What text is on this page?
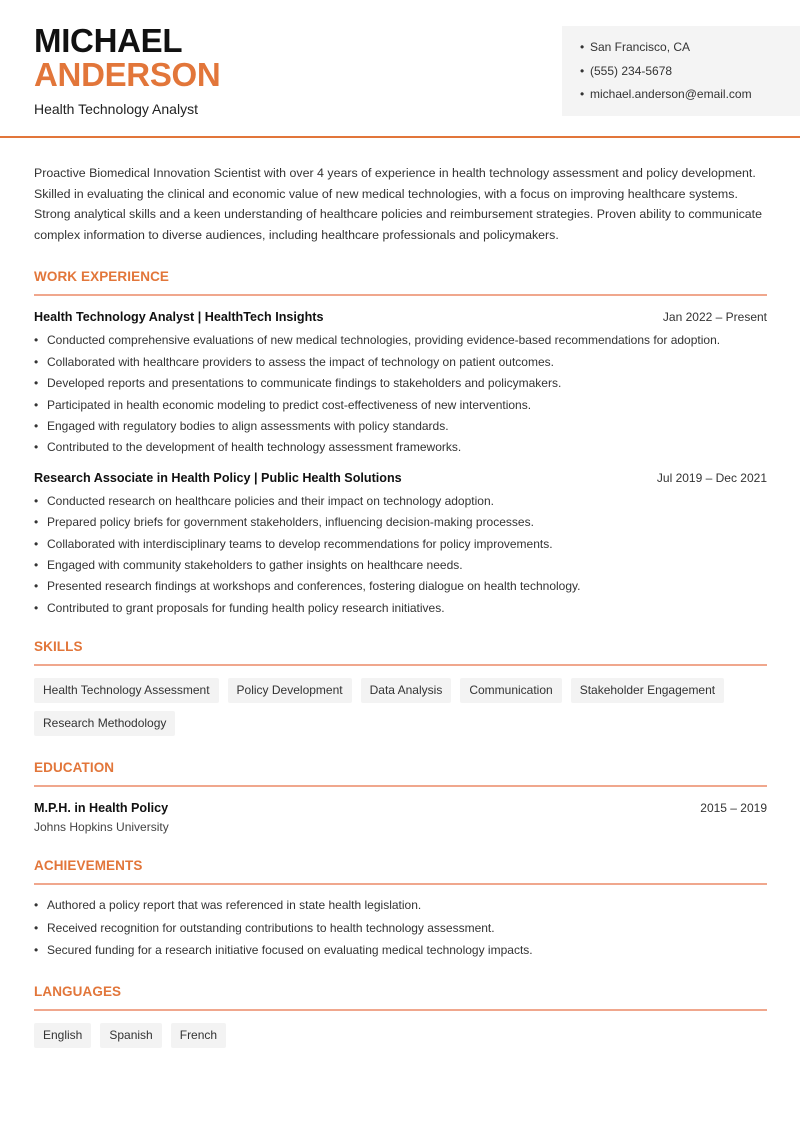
MICHAEL
ANDERSON
Health Technology Analyst
• San Francisco, CA
• (555) 234-5678
• michael.anderson@email.com

Proactive Biomedical Innovation Scientist with over 4 years of experience in health technology assessment and policy development. Skilled in evaluating the clinical and economic value of new medical technologies, with a focus on improving healthcare systems. Strong analytical skills and a keen understanding of healthcare policies and reimbursement strategies. Proven ability to communicate complex information to diverse audiences, including healthcare professionals and policymakers.

WORK EXPERIENCE
Health Technology Analyst | HealthTech Insights	Jan 2022 – Present
• Conducted comprehensive evaluations of new medical technologies, providing evidence-based recommendations for adoption.
• Collaborated with healthcare providers to assess the impact of technology on patient outcomes.
• Developed reports and presentations to communicate findings to stakeholders and policymakers.
• Participated in health economic modeling to predict cost-effectiveness of new interventions.
• Engaged with regulatory bodies to align assessments with policy standards.
• Contributed to the development of health technology assessment frameworks.
Research Associate in Health Policy | Public Health Solutions	Jul 2019 – Dec 2021
• Conducted research on healthcare policies and their impact on technology adoption.
• Prepared policy briefs for government stakeholders, influencing decision-making processes.
• Collaborated with interdisciplinary teams to develop recommendations for policy improvements.
• Engaged with community stakeholders to gather insights on healthcare needs.
• Presented research findings at workshops and conferences, fostering dialogue on health technology.
• Contributed to grant proposals for funding health policy research initiatives.
SKILLS
Health Technology Assessment	Policy Development	Data Analysis	Communication	Stakeholder Engagement
Research Methodology
EDUCATION
M.P.H. in Health Policy	2015 – 2019
Johns Hopkins University
ACHIEVEMENTS
• Authored a policy report that was referenced in state health legislation.
• Received recognition for outstanding contributions to health technology assessment.
• Secured funding for a research initiative focused on evaluating medical technology impacts.
LANGUAGES
English	Spanish	French
